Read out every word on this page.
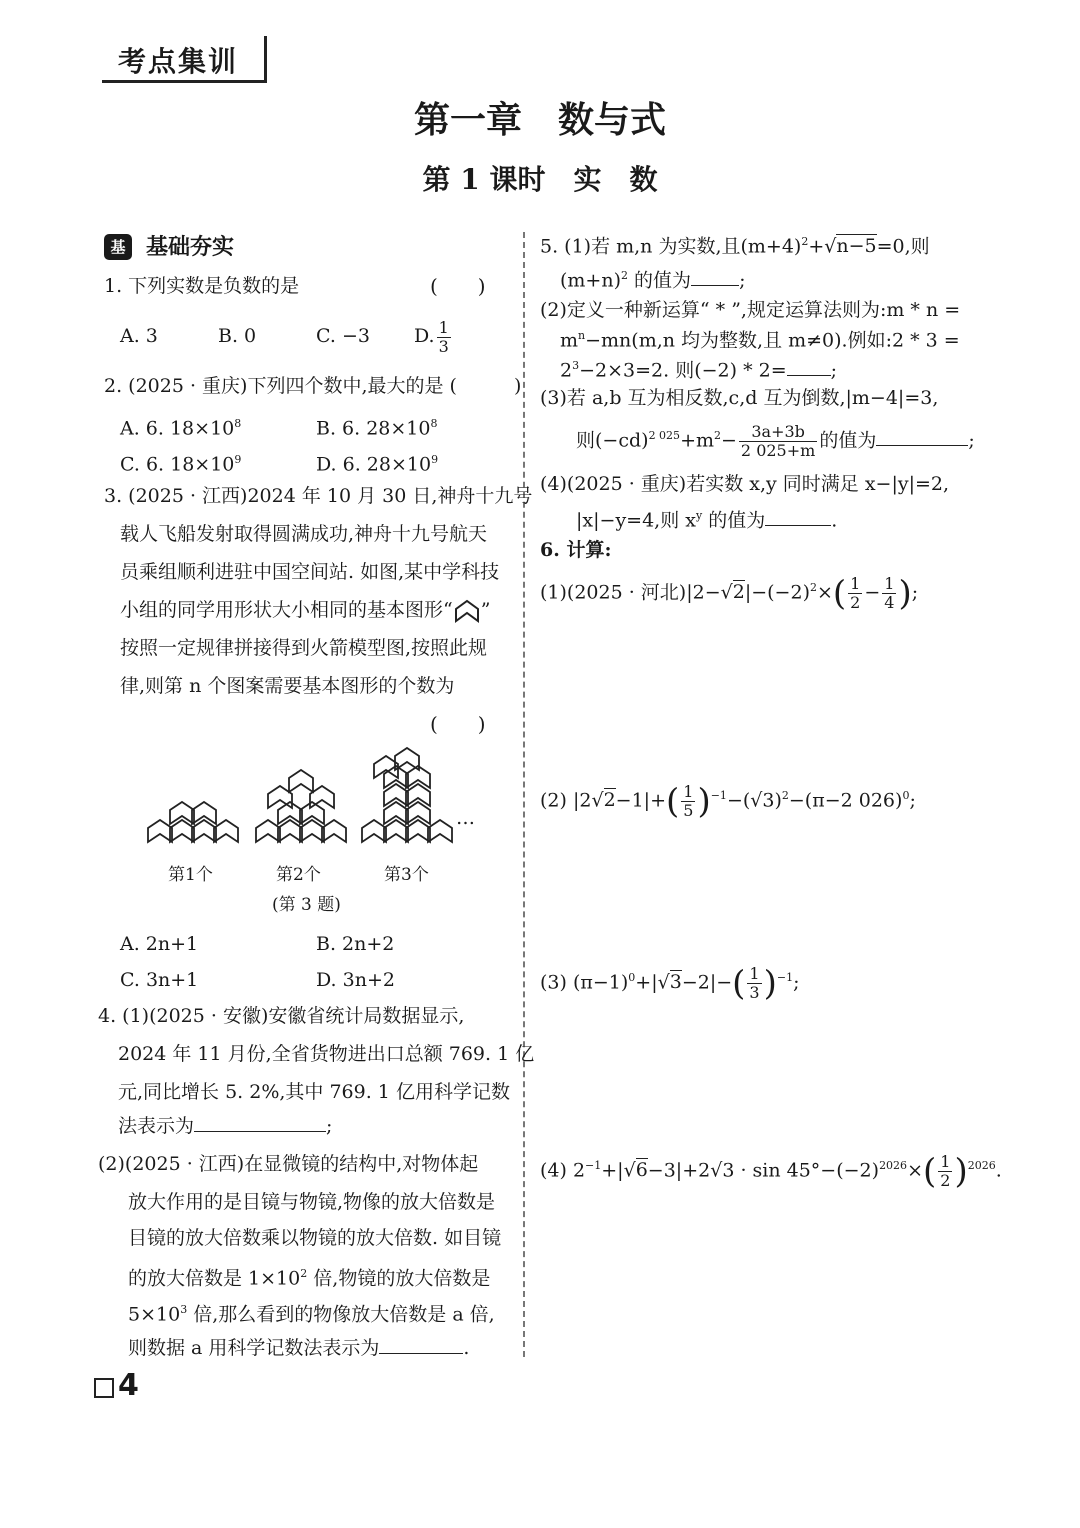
考点集训
第一章　数与式
第 1 课时　实　数
基 基础夯实
1. 下列实数是负数的是	(　　)
A. 3	B. 0	C. −3 D. $\frac{1}{3}$
2. (2025 · 重庆)下列四个数中,最大的是 (　　　)
A. 6. $18\times 10^8$	B. 6. $28\times 10^8$
C. 6. $18\times 10^9$	D. 6. $28\times 10^9$
3. (2025 · 江西)2024 年 10 月 30 日,神舟十九号
载人飞船发射取得圆满成功,神舟十九号航天
员乘组顺利进驻中国空间站. 如图,某中学科技
小组的同学用形状大小相同的基本图形“ ”
按照一定规律拼接得到火箭模型图,按照此规
律,则第 n 个图案需要基本图形的个数为
(　　)
…
第1个	第2个	第3个
(第 3 题)
A. 2n+1	B. 2n+2
C. 3n+1	D. 3n+2
4. (1)(2025 · 安徽)安徽省统计局数据显示,
2024 年 11 月份,全省货物进出口总额 769. 1 亿
元,同比增长 5. 2%,其中 769. 1 亿用科学记数
法表示为	;
(2)(2025 · 江西)在显微镜的结构中,对物体起
放大作用的是目镜与物镜,物像的放大倍数是
目镜的放大倍数乘以物镜的放大倍数. 如目镜
的放大倍数是 $1\times 10^2$ 倍,物镜的放大倍数是
$5\times 10^3$ 倍,那么看到的物像放大倍数是 a 倍,
则数据 a 用科学记数法表示为	.
5. (1)若 m,n 为实数,且$(m+4)^2+√n-5=0$,则
$(m+n)^2$ 的值为	;
(2)定义一种新运算“ * ”,规定运算法则为:m * n =
$m^n-mn(m,n$ 均为整数,且 m≠0).例如:2 * 3 =
$2^3-2\times 3=2$. 则(−2) * 2= ;
(3)若 a,b 互为相反数,c,d 互为倒数,|m−4|=3,
则$(-cd)^{2 025}+m^2- \frac{3a+3b}{2 025+m}$ 的值为	;
(4)(2025 · 重庆)若实数 x,y 同时满足 x−|y|=2,
|x|−y=4,则 $x^y$ 的值为	.
6. 计算:
(1)(2025 · 河北)$|2-√2|-(-2)^2\times( \frac{1}{2} - \frac{1}{4}$ );
(2) $|2√2-1|+( \frac{1}{5} )^{-1}-(√3)^2-(\pi-2$ 026)$^0$;
(3) $(\pi-1)^0+|√3-2|-( \frac{1}{3} )^{-1}$;
(4) $2^{-1}+|√6-3|+2√3 \cdot \sin 45^\circ-(-2)^{2026}\times( \frac{1}{2} )^{2026}$.
4
